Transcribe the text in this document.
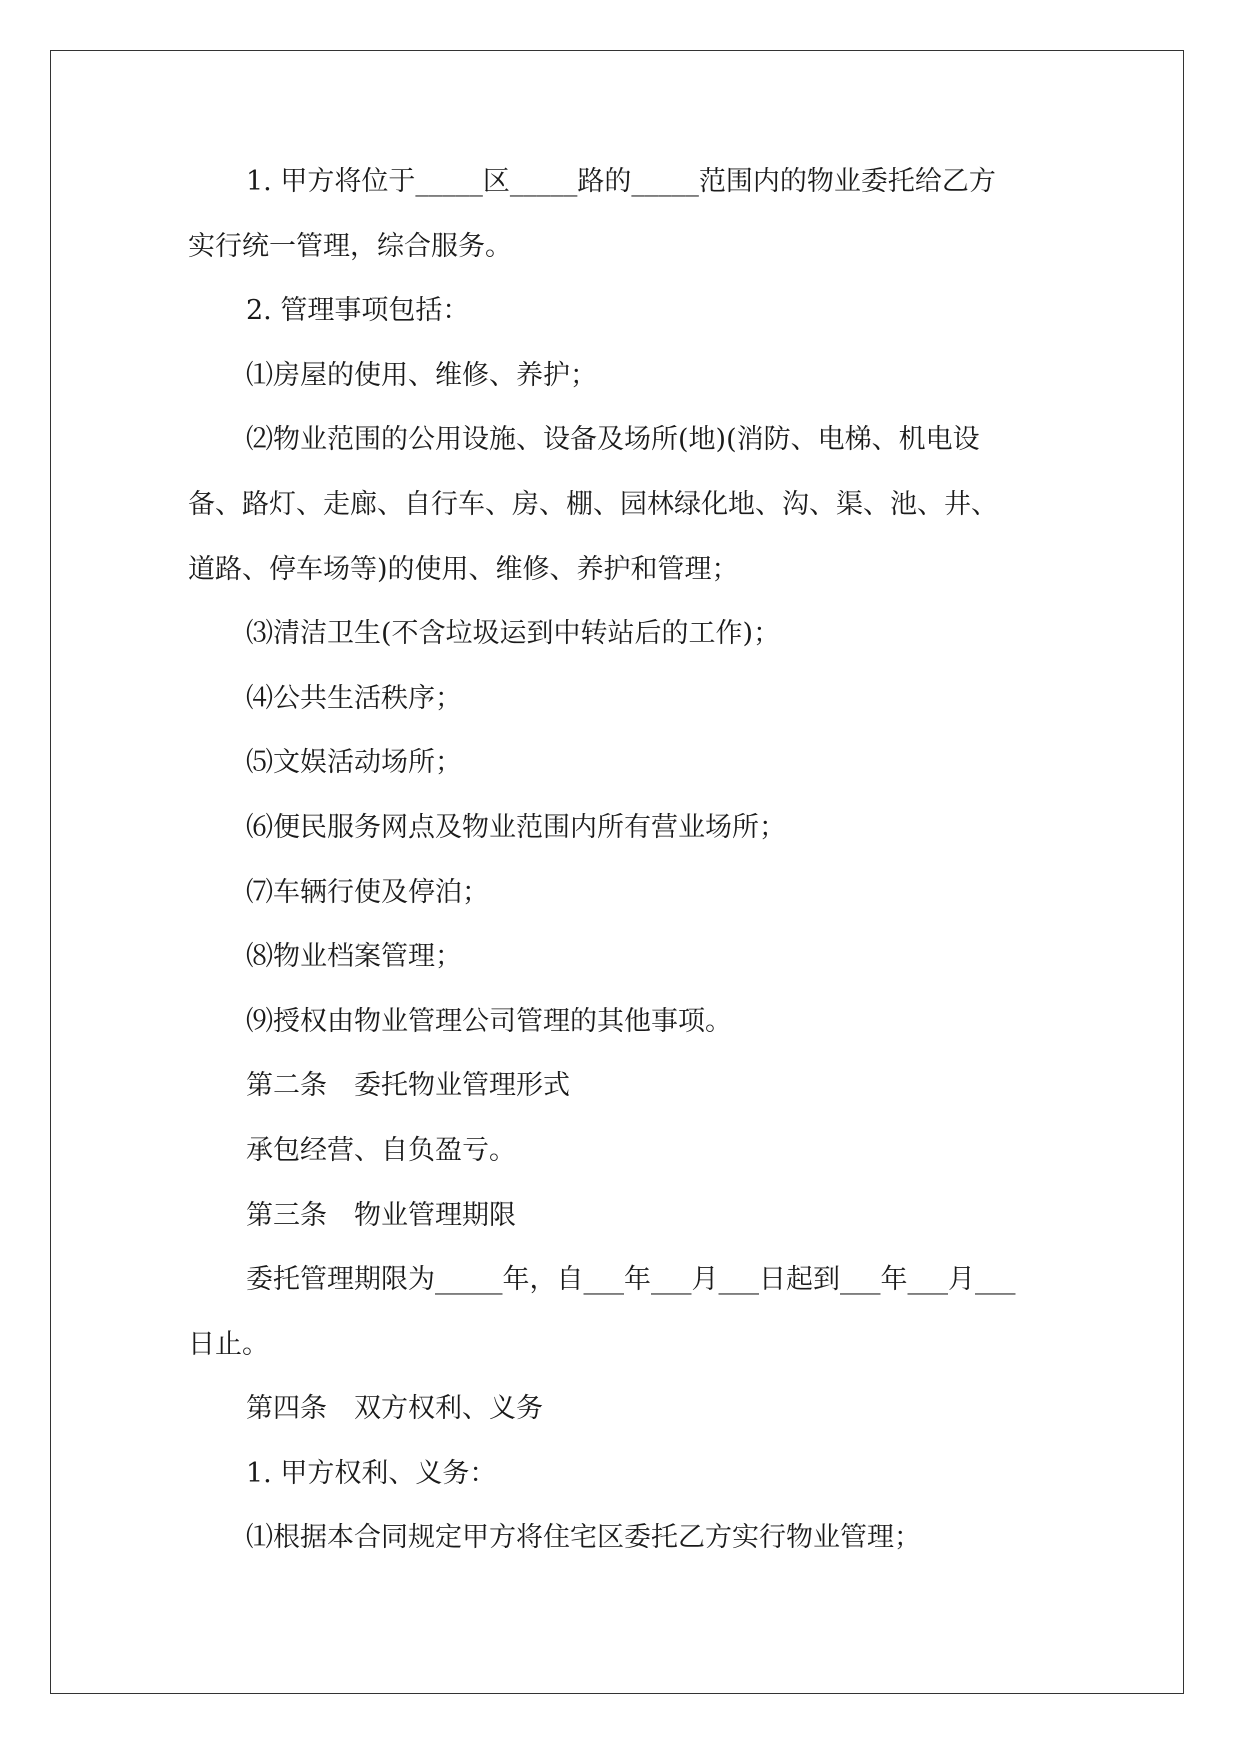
1. 甲方将位于_____区_____路的_____范围内的物业委托给乙方
实行统一管理，综合服务。
2. 管理事项包括：
⑴房屋的使用、维修、养护；
⑵物业范围的公用设施、设备及场所(地)(消防、电梯、机电设
备、路灯、走廊、自行车、房、棚、园林绿化地、沟、渠、池、井、
道路、停车场等)的使用、维修、养护和管理；
⑶清洁卫生(不含垃圾运到中转站后的工作)；
⑷公共生活秩序；
⑸文娱活动场所；
⑹便民服务网点及物业范围内所有营业场所；
⑺车辆行使及停泊；
⑻物业档案管理；
⑼授权由物业管理公司管理的其他事项。
第二条　委托物业管理形式
承包经营、自负盈亏。
第三条　物业管理期限
委托管理期限为_____年，自___年___月___日起到___年___月___
日止。
第四条　双方权利、义务
1. 甲方权利、义务：
⑴根据本合同规定甲方将住宅区委托乙方实行物业管理；
